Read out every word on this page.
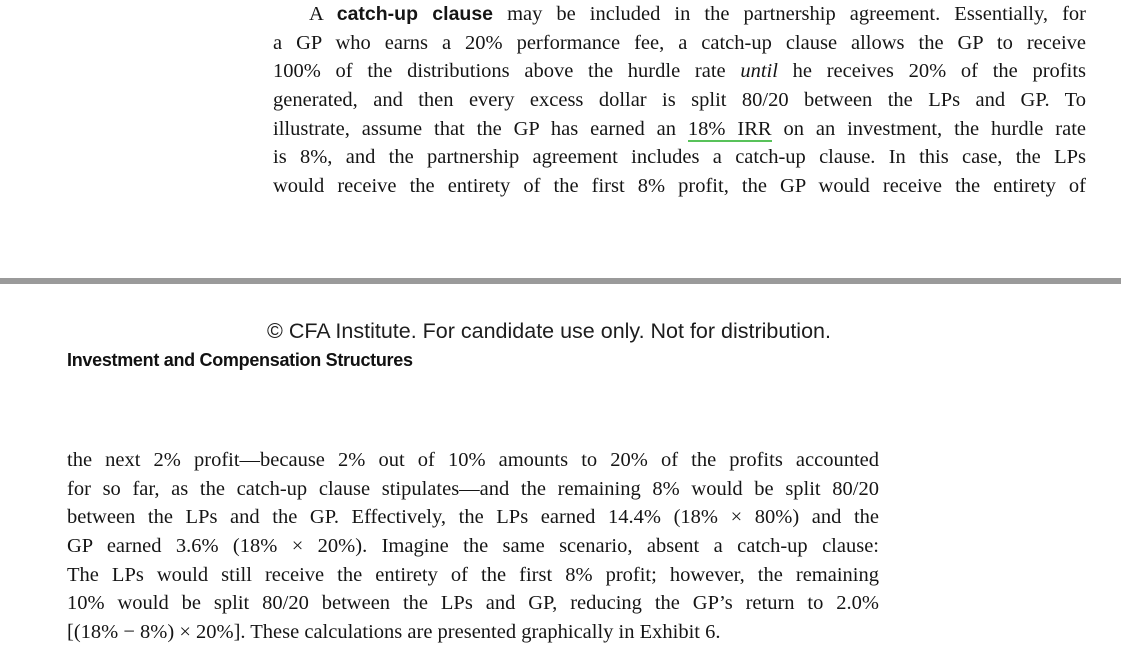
A catch-up clause may be included in the partnership agreement. Essentially, for
a GP who earns a 20% performance fee, a catch-up clause allows the GP to receive
100% of the distributions above the hurdle rate until he receives 20% of the profits
generated, and then every excess dollar is split 80/20 between the LPs and GP. To
illustrate, assume that the GP has earned an 18% IRR on an investment, the hurdle rate
is 8%, and the partnership agreement includes a catch-up clause. In this case, the LPs
would receive the entirety of the first 8% profit, the GP would receive the entirety of
© CFA Institute. For candidate use only. Not for distribution.
Investment and Compensation Structures
the next 2% profit—because 2% out of 10% amounts to 20% of the profits accounted
for so far, as the catch-up clause stipulates—and the remaining 8% would be split 80/20
between the LPs and the GP. Effectively, the LPs earned 14.4% (18% × 80%) and the
GP earned 3.6% (18% × 20%). Imagine the same scenario, absent a catch-up clause:
The LPs would still receive the entirety of the first 8% profit; however, the remaining
10% would be split 80/20 between the LPs and GP, reducing the GP’s return to 2.0%
[(18% − 8%) × 20%]. These calculations are presented graphically in Exhibit 6.
